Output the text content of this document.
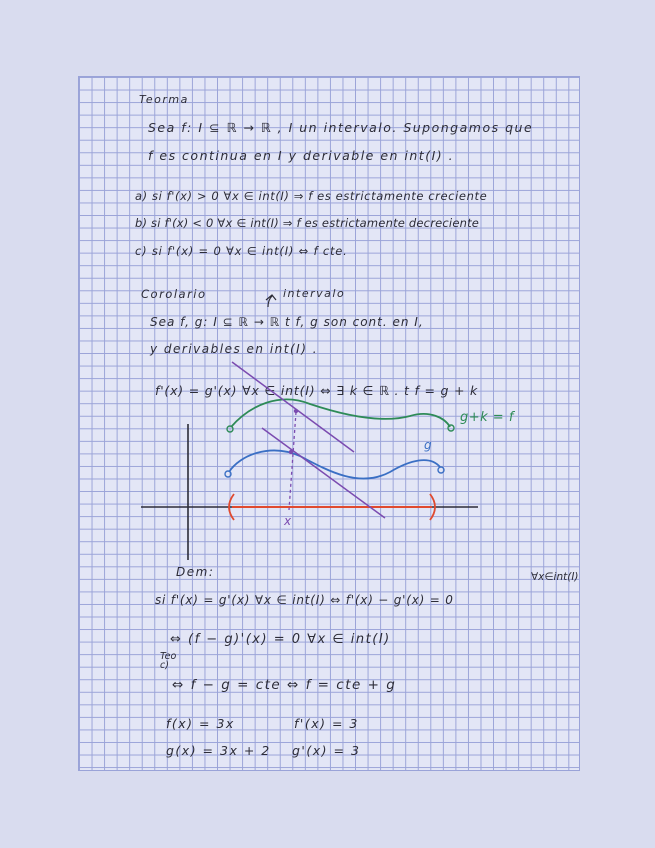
Teorma
Sea f: I ⊆ ℝ → ℝ , I un intervalo. Supongamos que
f es continua en I y derivable en int(I) .
a) si f'(x) > 0 ∀x ∈ int(I) ⇒ f es estrictamente creciente
b) si f'(x) < 0 ∀x ∈ int(I) ⇒ f es estrictamente decreciente
c) si f'(x) = 0 ∀x ∈ int(I) ⇔ f cte.
Corolario	intervalo
Sea f, g: I ⊆ ℝ → ℝ t f, g son cont. en I,
y derivables en int(I) .
f'(x) = g'(x) ∀x ∈ int(I) ⇔ ∃ k ∈ ℝ . t f = g + k
g+k = f
g
x
Dem:	∀x∈int(I)
si f'(x) = g'(x) ∀x ∈ int(I) ⇔ f'(x) − g'(x) = 0
⇔ (f − g)'(x) = 0 ∀x ∈ int(I)
Teo c)
⇔ f − g = cte ⇔ f = cte + g
f(x) = 3x	f'(x) = 3
g(x) = 3x + 2 g'(x) = 3
